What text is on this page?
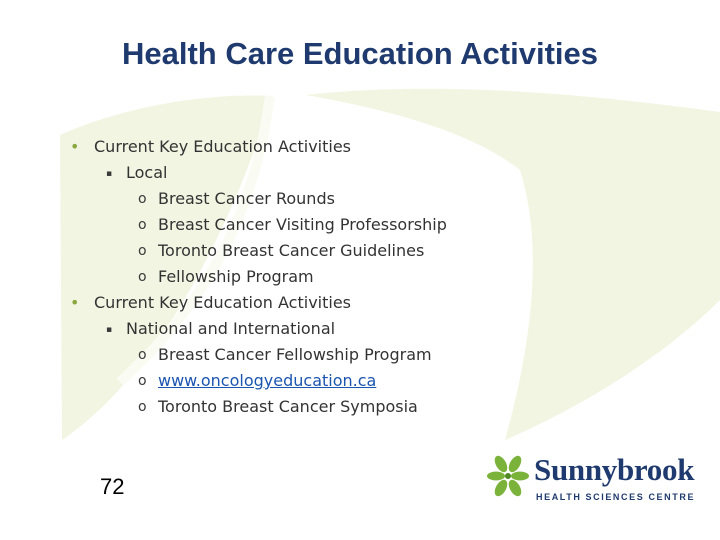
Health Care Education Activities
• Current Key Education Activities
▪ Local
o Breast Cancer Rounds
o Breast Cancer Visiting Professorship
o Toronto Breast Cancer Guidelines
o Fellowship Program
• Current Key Education Activities
▪ National and International
o Breast Cancer Fellowship Program
o www.oncologyeducation.ca
o Toronto Breast Cancer Symposia
72	Sunnybrook
HEALTH SCIENCES CENTRE
